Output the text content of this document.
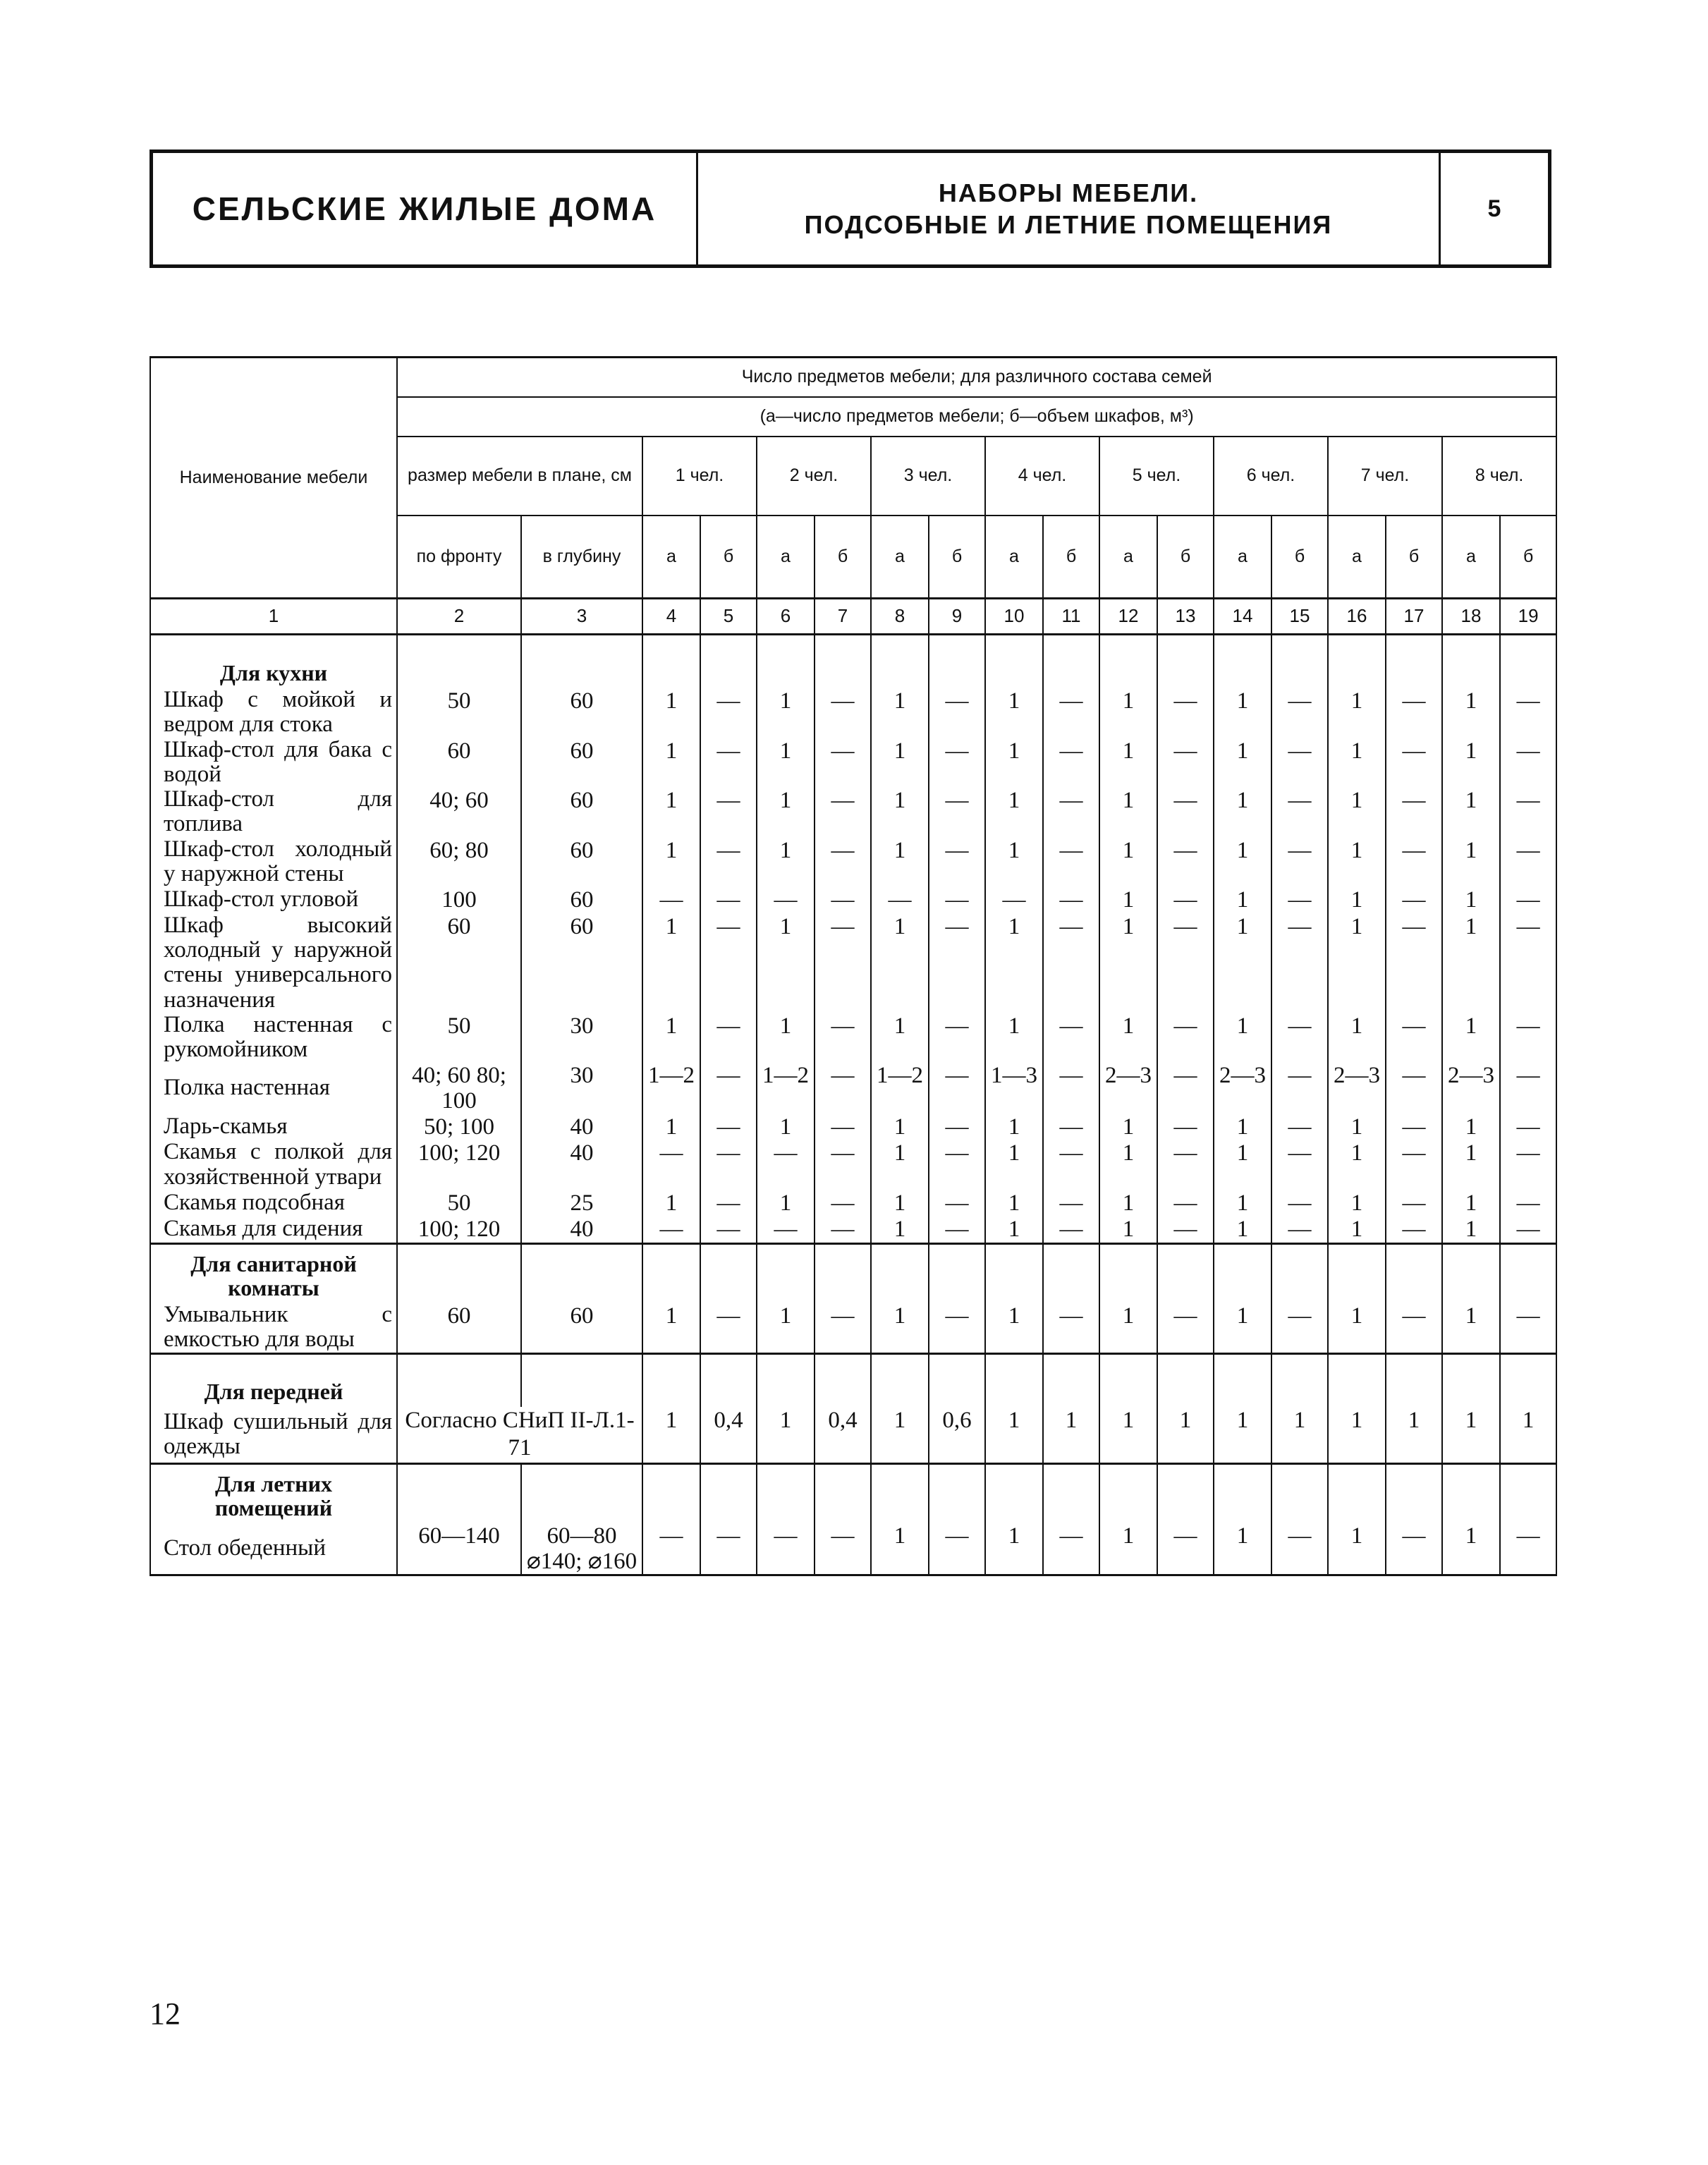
СЕЛЬСКИЕ ЖИЛЫЕ ДОМА	НАБОРЫ МЕБЕЛИ.
ПОДСОБНЫЕ И ЛЕТНИЕ ПОМЕЩЕНИЯ
5
Наименование мебели	Число предметов мебели; для различного состава семей																	
	(а—число предметов мебели; б—объем шкафов, м³)																	
	размер мебели в плане, см		1 чел.		2 чел.		3 чел.		4 чел.		5 чел.		6 чел.		7 чел.		8 чел.	
	по фронту	в глубину	а	б	а	б	а	б	а	б	а	б	а	б	а	б	а	б
1	2	3	4	5	6	7	8	9	10	11	12	13	14	15	16	17	18	19
Для кухни																		
Шкаф с мойкой и ведром для стока	50	60	1	—	1	—	1	—	1	—	1	—	1	—	1	—	1	—
Шкаф-стол для бака с водой	60	60	1	—	1	—	1	—	1	—	1	—	1	—	1	—	1	—
Шкаф-стол для топлива	40; 60	60	1	—	1	—	1	—	1	—	1	—	1	—	1	—	1	—
Шкаф-стол холодный у наружной стены	60; 80	60	1	—	1	—	1	—	1	—	1	—	1	—	1	—	1	—
Шкаф-стол угловой	100	60	—	—	—	—	—	—	—	—	1	—	1	—	1	—	1	—
Шкаф высокий холодный у наружной стены универсального назначения	60	60	1	—	1	—	1	—	1	—	1	—	1	—	1	—	1	—
Полка настенная с рукомойником	50	30	1	—	1	—	1	—	1	—	1	—	1	—	1	—	1	—
Полка настенная	40; 60 80; 100	30	1—2	—	1—2	—	1—2	—	1—3	—	2—3	—	2—3	—	2—3	—	2—3	—
Ларь-скамья	50; 100	40	1	—	1	—	1	—	1	—	1	—	1	—	1	—	1	—
Скамья с полкой для хозяйственной утвари	100; 120	40	—	—	—	—	1	—	1	—	1	—	1	—	1	—	1	—
Скамья подсобная	50	25	1	—	1	—	1	—	1	—	1	—	1	—	1	—	1	—
Скамья для сидения	100; 120	40	—	—	—	—	1	—	1	—	1	—	1	—	1	—	1	—
Для санитарной комнаты																		
Умывальник с емкостью для воды	60	60	1	—	1	—	1	—	1	—	1	—	1	—	1	—	1	—
Для передней																		
Шкаф сушильный для одежды	Согласно СНиП II-Л.1-71		1	0,4	1	0,4	1	0,6	1	1	1	1	1	1	1	1	1	1
Для летних помещений																		
Стол обеденный	60—140	60—80 ⌀140; ⌀160	—	—	—	—	1	—	1	—	1	—	1	—	1	—	1	—
12
